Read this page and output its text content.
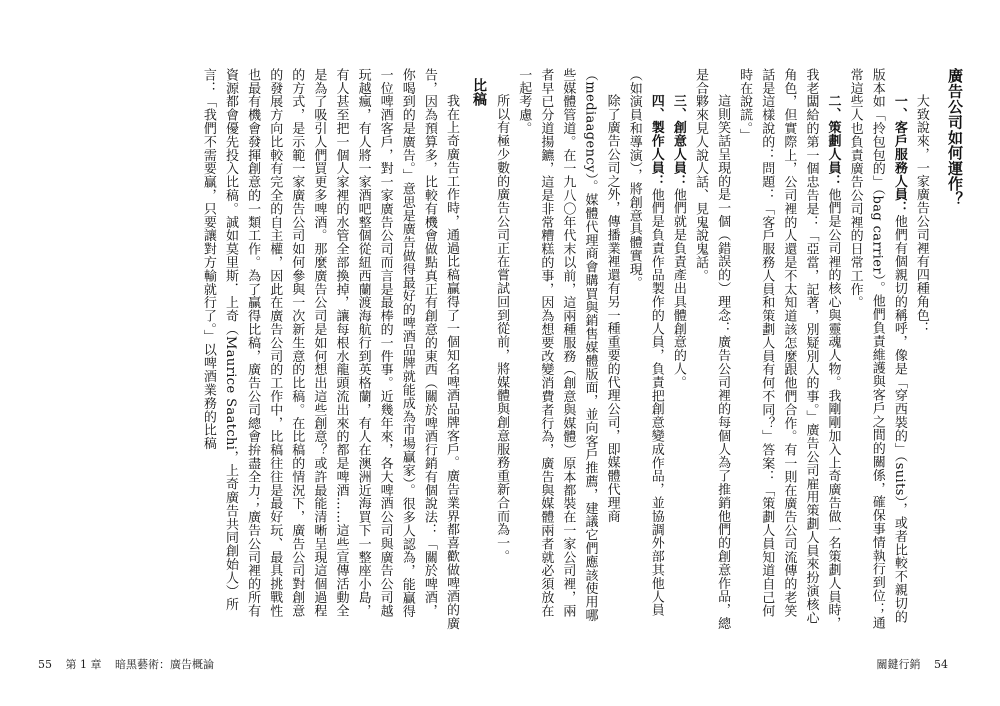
廣告公司如何運作？

大致說來，一家廣告公司裡有四種角色：

一、客戶服務人員：他們有個親切的稱呼，像是「穿西裝的」（suits），或者比較不親切的版本如「拎包包的」（bag carrier）。他們負責維護與客戶之間的關係，確保事情執行到位；通常這些人也負責廣告公司裡的日常工作。

二、策劃人員：他們是公司裡的核心與靈魂人物。我剛剛加入上奇廣告做一名策劃人員時，我老闆給的第一個忠告是：「亞當，記著，別疑別人的事。」廣告公司雇用策劃人員來扮演核心角色，但實際上，公司裡的人還是不太知道該怎麼跟他們合作。有一則在廣告公司流傳的老笑話是這樣說的：問題：「客戶服務人員和策劃人員有何不同？」答案：「策劃人員知道自己何時在說謊。」

這則笑話呈現的是一個（錯誤的）理念：廣告公司裡的每個人為了推銷他們的創意作品，總是合夥來見人說人話、見鬼說鬼話。

三、創意人員：他們就是負責產出具體創意的人。

四、製作人員：他們是負責作品製作的人員，負責把創意變成作品，並協調外部其他人員（如演員和導演），將創意具體實現。

除了廣告公司之外，傳播業裡還有另一種重要的代理公司，即媒體代理商（mediaagency）。媒體代理商會購買與銷售媒體版面，並向客戶推薦，建議它們應該使用哪些媒體管道。在一九八〇年代末以前，這兩種服務（創意與媒體）原本都裝在一家公司裡，兩者早已分道揚鑣，這是非常糟糕的事，因為想要改變消費者行為，廣告與媒體兩者就必須放在一起考慮。

所以有極少數的廣告公司正在嘗試回到從前，將媒體與創意服務重新合而為一。

比稿

我在上奇廣告工作時，通過比稿贏得了一個知名啤酒品牌客戶。廣告業界都喜歡做啤酒的廣告，因為預算多，比較有機會做點真正有創意的東西（關於啤酒行銷有個說法：「關於啤酒，你喝到的是廣告。」意思是廣告做得最好的啤酒品牌就能成為市場贏家）。很多人認為，能贏得一位啤酒客戶，對一家廣告公司而言是最棒的一件事。近幾年來，各大啤酒公司與廣告公司越玩越瘋，有人將一家酒吧整個從紐西蘭渡海航行到英格蘭，有人在澳洲近海買下一整座小島，有人甚至把一個人家裡的水管全部換掉，讓每根水龍頭流出來的都是啤酒……這些宣傳活動全是為了吸引人們買更多啤酒。那麼廣告公司是如何想出這些創意？或許最能清晰呈現這個過程的方式，是示範一家廣告公司如何參與一次新生意的比稿。在比稿的情況下，廣告公司對創意的發展方向比較有完全的自主權，因此在廣告公司的工作中，比稿往往是最好玩、最具挑戰性也最有機會發揮創意的一類工作。為了贏得比稿，廣告公司總會拚盡全力；廣告公司裡的所有資源都會優先投入比稿。誠如莫里斯．上奇（Maurice Saatchi，上奇廣告共同創始人）所言：「我們不需要贏，只要讓對方輸就行了。」以啤酒業務的比稿

55 第 1 章 暗黑藝術：廣告概論	關鍵行銷 54
